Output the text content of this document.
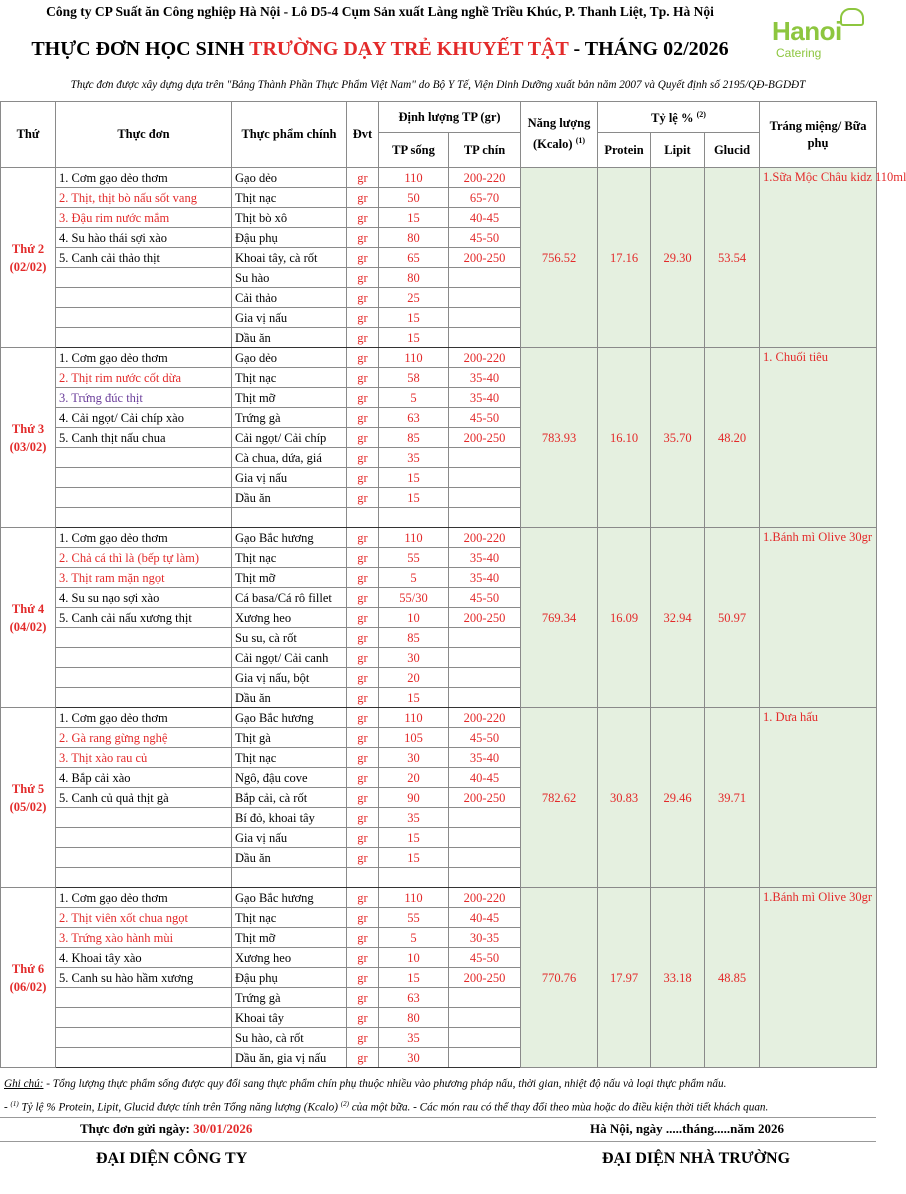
Công ty CP Suất ăn Công nghiệp Hà Nội - Lô D5-4 Cụm Sản xuất Làng nghề Triều Khúc, P. Thanh Liệt, Tp. Hà Nội
Hanoi
Catering
THỰC ĐƠN HỌC SINH TRƯỜNG DẠY TRẺ KHUYẾT TẬT - THÁNG 02/2026
Thực đơn được xây dựng dựa trên "Bảng Thành Phần Thực Phẩm Việt Nam" do Bộ Y Tế, Viện Dinh Dưỡng xuất bản năm 2007 và Quyết định số 2195/QĐ-BGDĐT
Thứ	Thực đơn	Thực phẩm chính	Đvt	Định lượng TP (gr)		Năng lượng (Kcalo) $^{(1)}$	Tỷ lệ % $^{(2)}$			Tráng miệng/ Bữa phụ
				TP sống	TP chín		Protein	Lipit	Glucid	

Thứ 2
(02/02)	1. Cơm gạo dẻo thơm	Gạo dẻo	gr	110	200-220	756.52	17.16	29.30	53.54	1.Sữa Mộc Châu kidz 110ml
	2. Thịt, thịt bò nấu sốt vang	Thịt nạc	gr	50	65-70					
	3. Đậu rim nước mắm	Thịt bò xô	gr	15	40-45					
	4. Su hào thái sợi xào	Đậu phụ	gr	80	45-50					
	5. Canh cải thảo thịt	Khoai tây, cà rốt	gr	65	200-250					
		Su hào	gr	80						
		Cải thảo	gr	25						
		Gia vị nấu	gr	15						
		Dầu ăn	gr	15						

Thứ 3
(03/02)	1. Cơm gạo dẻo thơm	Gạo dẻo	gr	110	200-220	783.93	16.10	35.70	48.20	1. Chuối tiêu
	2. Thịt rim nước cốt dừa	Thịt nạc	gr	58	35-40					
	3. Trứng đúc thịt	Thịt mỡ	gr	5	35-40					
	4. Cải ngọt/ Cải chíp xào	Trứng gà	gr	63	45-50					
	5. Canh thịt nấu chua	Cải ngọt/ Cải chíp	gr	85	200-250					
		Cà chua, dứa, giá	gr	35						
		Gia vị nấu	gr	15						
		Dầu ăn	gr	15						

Thứ 4
(04/02)	1. Cơm gạo dẻo thơm	Gạo Bắc hương	gr	110	200-220	769.34	16.09	32.94	50.97	1.Bánh mì Olive 30gr
	2. Chả cá thì là (bếp tự làm)	Thịt nạc	gr	55	35-40					
	3. Thịt ram mặn ngọt	Thịt mỡ	gr	5	35-40					
	4. Su su nạo sợi xào	Cá basa/Cá rô fillet	gr	55/30	45-50					
	5. Canh cải nấu xương thịt	Xương heo	gr	10	200-250					
		Su su, cà rốt	gr	85						
		Cải ngọt/ Cải canh	gr	30						
		Gia vị nấu, bột	gr	20						
		Dầu ăn	gr	15						

Thứ 5
(05/02)	1. Cơm gạo dẻo thơm	Gạo Bắc hương	gr	110	200-220	782.62	30.83	29.46	39.71	1. Dưa hấu
	2. Gà rang gừng nghệ	Thịt gà	gr	105	45-50					
	3. Thịt xào rau củ	Thịt nạc	gr	30	35-40					
	4. Bắp cải xào	Ngô, đậu cove	gr	20	40-45					
	5. Canh củ quả thịt gà	Bắp cải, cà rốt	gr	90	200-250					
		Bí đỏ, khoai tây	gr	35						
		Gia vị nấu	gr	15						
		Dầu ăn	gr	15						

Thứ 6
(06/02)	1. Cơm gạo dẻo thơm	Gạo Bắc hương	gr	110	200-220	770.76	17.97	33.18	48.85	1.Bánh mì Olive 30gr
	2. Thịt viên xốt chua ngọt	Thịt nạc	gr	55	40-45					
	3. Trứng xào hành mùi	Thịt mỡ	gr	5	30-35					
	4. Khoai tây xào	Xương heo	gr	10	45-50					
	5. Canh su hào hầm xương	Đậu phụ	gr	15	200-250					
		Trứng gà	gr	63						
		Khoai tây	gr	80						
		Su hào, cà rốt	gr	35						
		Dầu ăn, gia vị nấu	gr	30						
Ghi chú: - Tổng lượng thực phẩm sống được quy đổi sang thực phẩm chín phụ thuộc nhiều vào phương pháp nấu, thời gian, nhiệt độ nấu và loại thực phẩm nấu.
- $^{(1)}$ Tỷ lệ % Protein, Lipit, Glucid được tính trên Tổng năng lượng (Kcalo) $^{(2)}$ của một bữa. - Các món rau có thể thay đổi theo mùa hoặc do điều kiện thời tiết khách quan.
Thực đơn gửi ngày: 30/01/2026	Hà Nội, ngày .....tháng.....năm 2026
ĐẠI DIỆN CÔNG TY	ĐẠI DIỆN NHÀ TRƯỜNG
